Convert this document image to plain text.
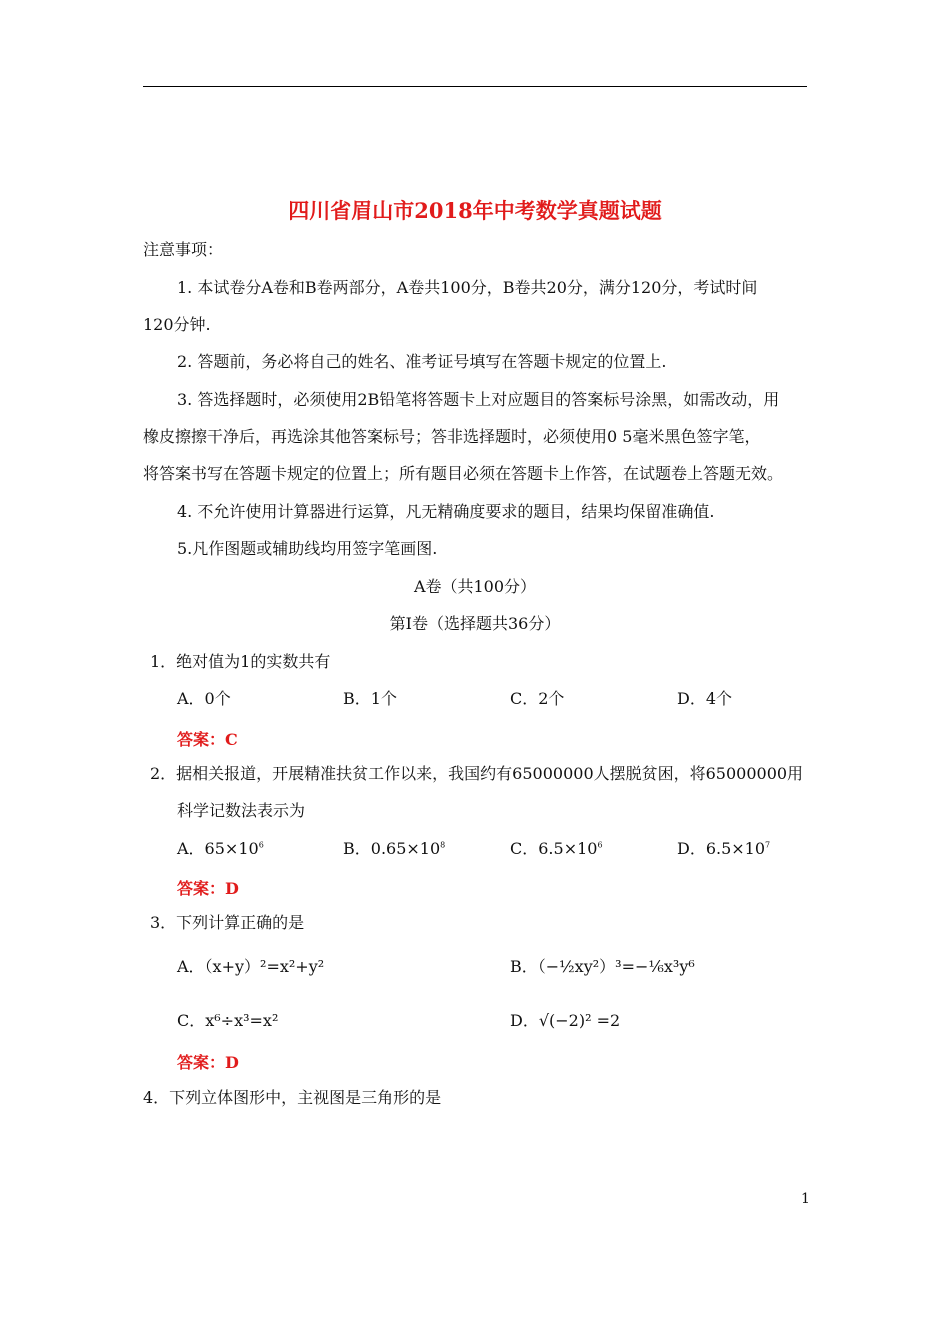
四川省眉山市2018年中考数学真题试题
注意事项：
1. 本试卷分A卷和B卷两部分，A卷共100分，B卷共20分，满分120分，考试时间
120分钟.
2. 答题前，务必将自己的姓名、准考证号填写在答题卡规定的位置上.
3. 答选择题时，必须使用2B铅笔将答题卡上对应题目的答案标号涂黑，如需改动，用
橡皮擦擦干净后，再选涂其他答案标号；答非选择题时，必须使用0 5毫米黑色签字笔，
将答案书写在答题卡规定的位置上；所有题目必须在答题卡上作答，在试题卷上答题无效。
4. 不允许使用计算器进行运算，凡无精确度要求的题目，结果均保留准确值.
5.凡作图题或辅助线均用签字笔画图.
A卷（共100分）
第Ⅰ卷（选择题共36分）
1．绝对值为1的实数共有
A．0个	B．1个	C．2个	D．4个
答案：C
2．据相关报道，开展精准扶贫工作以来，我国约有65000000人摆脱贫困，将65000000用
科学记数法表示为
A．$65\times 10^6$	B．$0.65\times 10^8$	C．$6.5\times 10^6$	D．$6.5\times 10^7$
答案：D
3．下列计算正确的是
A．（x+y）²=x²+y²	B．（−½xy²）³=−⅙x³y⁶
C．x⁶÷x³=x²	D．√(−2)² =2
答案：D
4．下列立体图形中，主视图是三角形的是
1
